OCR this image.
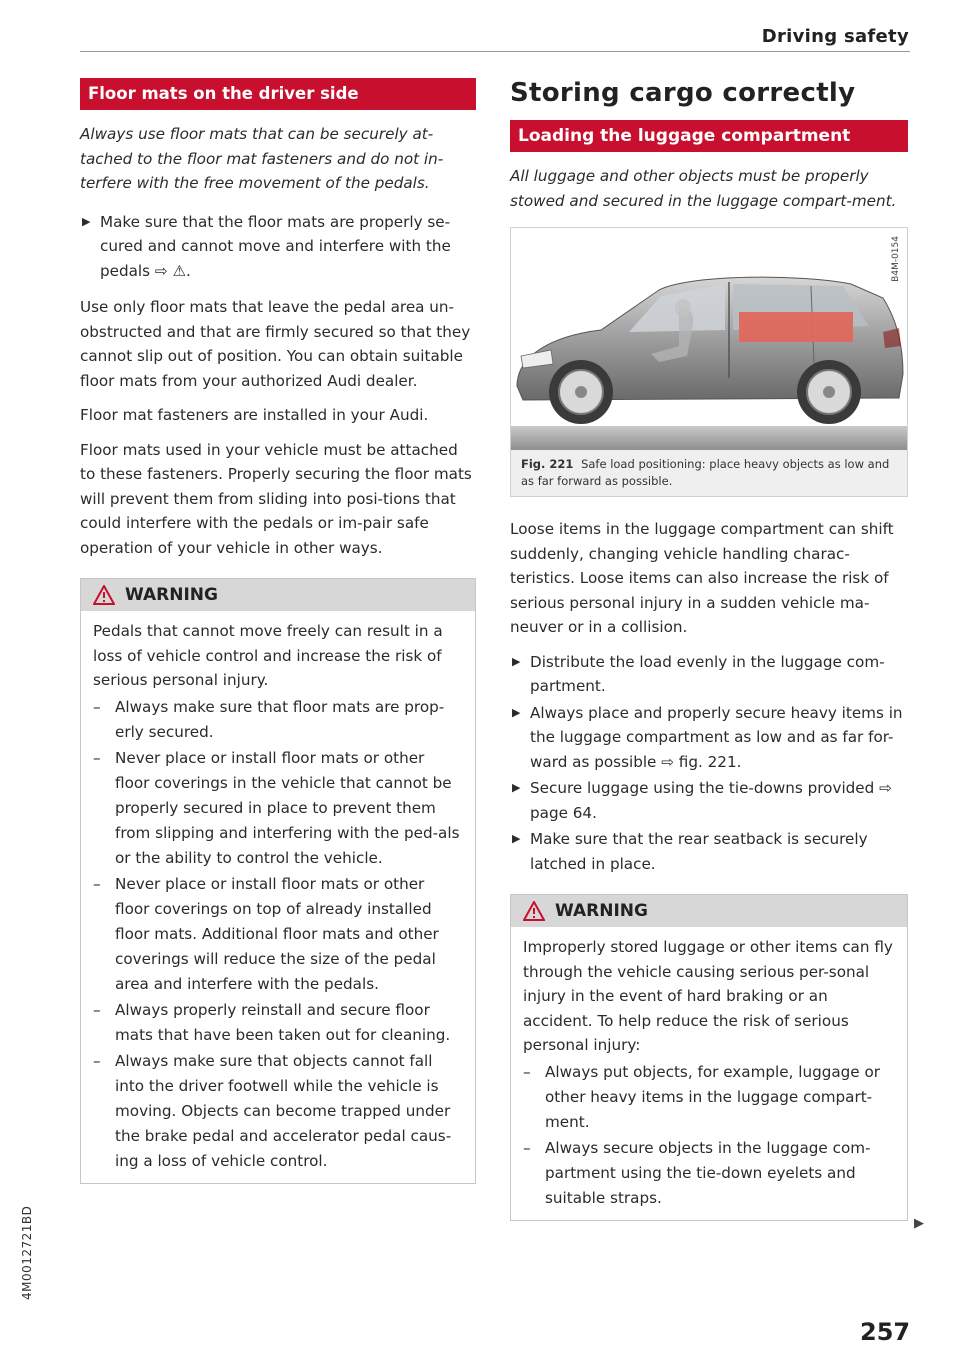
Driving safety
Floor mats on the driver side

Always use floor mats that can be securely at-tached to the floor mat fasteners and do not in-terfere with the free movement of the pedals.

▶ Make sure that the floor mats are properly se-cured and cannot move and interfere with the pedals ⇨ ⚠.

Use only floor mats that leave the pedal area un-obstructed and that are firmly secured so that they cannot slip out of position. You can obtain suitable floor mats from your authorized Audi dealer.

Floor mat fasteners are installed in your Audi.

Floor mats used in your vehicle must be attached to these fasteners. Properly securing the floor mats will prevent them from sliding into posi-tions that could interfere with the pedals or im-pair safe operation of your vehicle in other ways.

WARNING

Pedals that cannot move freely can result in a loss of vehicle control and increase the risk of serious personal injury.

– Always make sure that floor mats are prop-erly secured.
– Never place or install floor mats or other floor coverings in the vehicle that cannot be properly secured in place to prevent them from slipping and interfering with the ped-als or the ability to control the vehicle.
– Never place or install floor mats or other floor coverings on top of already installed floor mats. Additional floor mats and other coverings will reduce the size of the pedal area and interfere with the pedals.
– Always properly reinstall and secure floor mats that have been taken out for cleaning.
– Always make sure that objects cannot fall into the driver footwell while the vehicle is moving. Objects can become trapped under the brake pedal and accelerator pedal caus-ing a loss of vehicle control.
Storing cargo correctly
Loading the luggage compartment

All luggage and other objects must be properly stowed and secured in the luggage compart-ment.

B4M-0154
Fig. 221 Safe load positioning: place heavy objects as low and as far forward as possible.

Loose items in the luggage compartment can shift suddenly, changing vehicle handling charac-teristics. Loose items can also increase the risk of serious personal injury in a sudden vehicle ma-neuver or in a collision.

▶ Distribute the load evenly in the luggage com-partment.
▶ Always place and properly secure heavy items in the luggage compartment as low and as far for-ward as possible ⇨ fig. 221.
▶ Secure luggage using the tie-downs provided ⇨ page 64.
▶ Make sure that the rear seatback is securely latched in place.
WARNING

Improperly stored luggage or other items can fly through the vehicle causing serious per-sonal injury in the event of hard braking or an accident. To help reduce the risk of serious personal injury:

– Always put objects, for example, luggage or other heavy items in the luggage compart-ment.
– Always secure objects in the luggage com-partment using the tie-down eyelets and suitable straps.
▶
4M0012721BD
257
